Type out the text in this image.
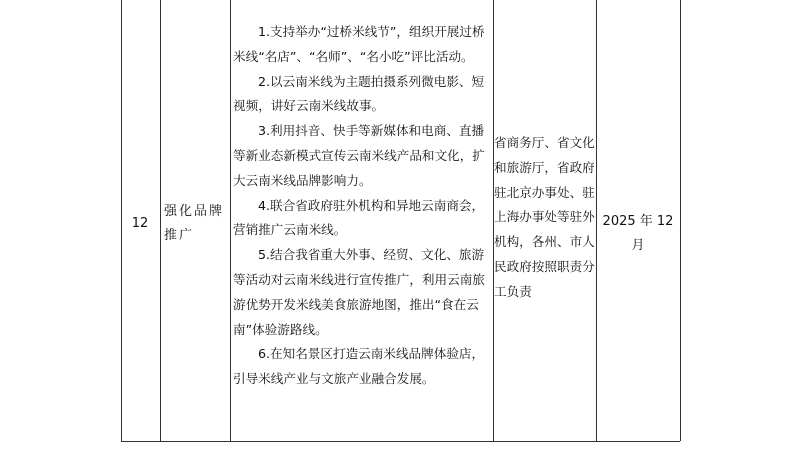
12
强化品牌推广

1.支持举办“过桥米线节”，组织开展过桥米线“名店”、“名师”、“名小吃”评比活动。

2.以云南米线为主题拍摄系列微电影、短视频，讲好云南米线故事。

3.利用抖音、快手等新媒体和电商、直播等新业态新模式宣传云南米线产品和文化，扩大云南米线品牌影响力。

4.联合省政府驻外机构和异地云南商会，营销推广云南米线。

5.结合我省重大外事、经贸、文化、旅游等活动对云南米线进行宣传推广，利用云南旅游优势开发米线美食旅游地图，推出“食在云南”体验游路线。

6.在知名景区打造云南米线品牌体验店，引导米线产业与文旅产业融合发展。

省商务厅、省文化和旅游厅，省政府驻北京办事处、驻上海办事处等驻外机构，各州、市人民政府按照职责分工负责
2025 年 12 月
